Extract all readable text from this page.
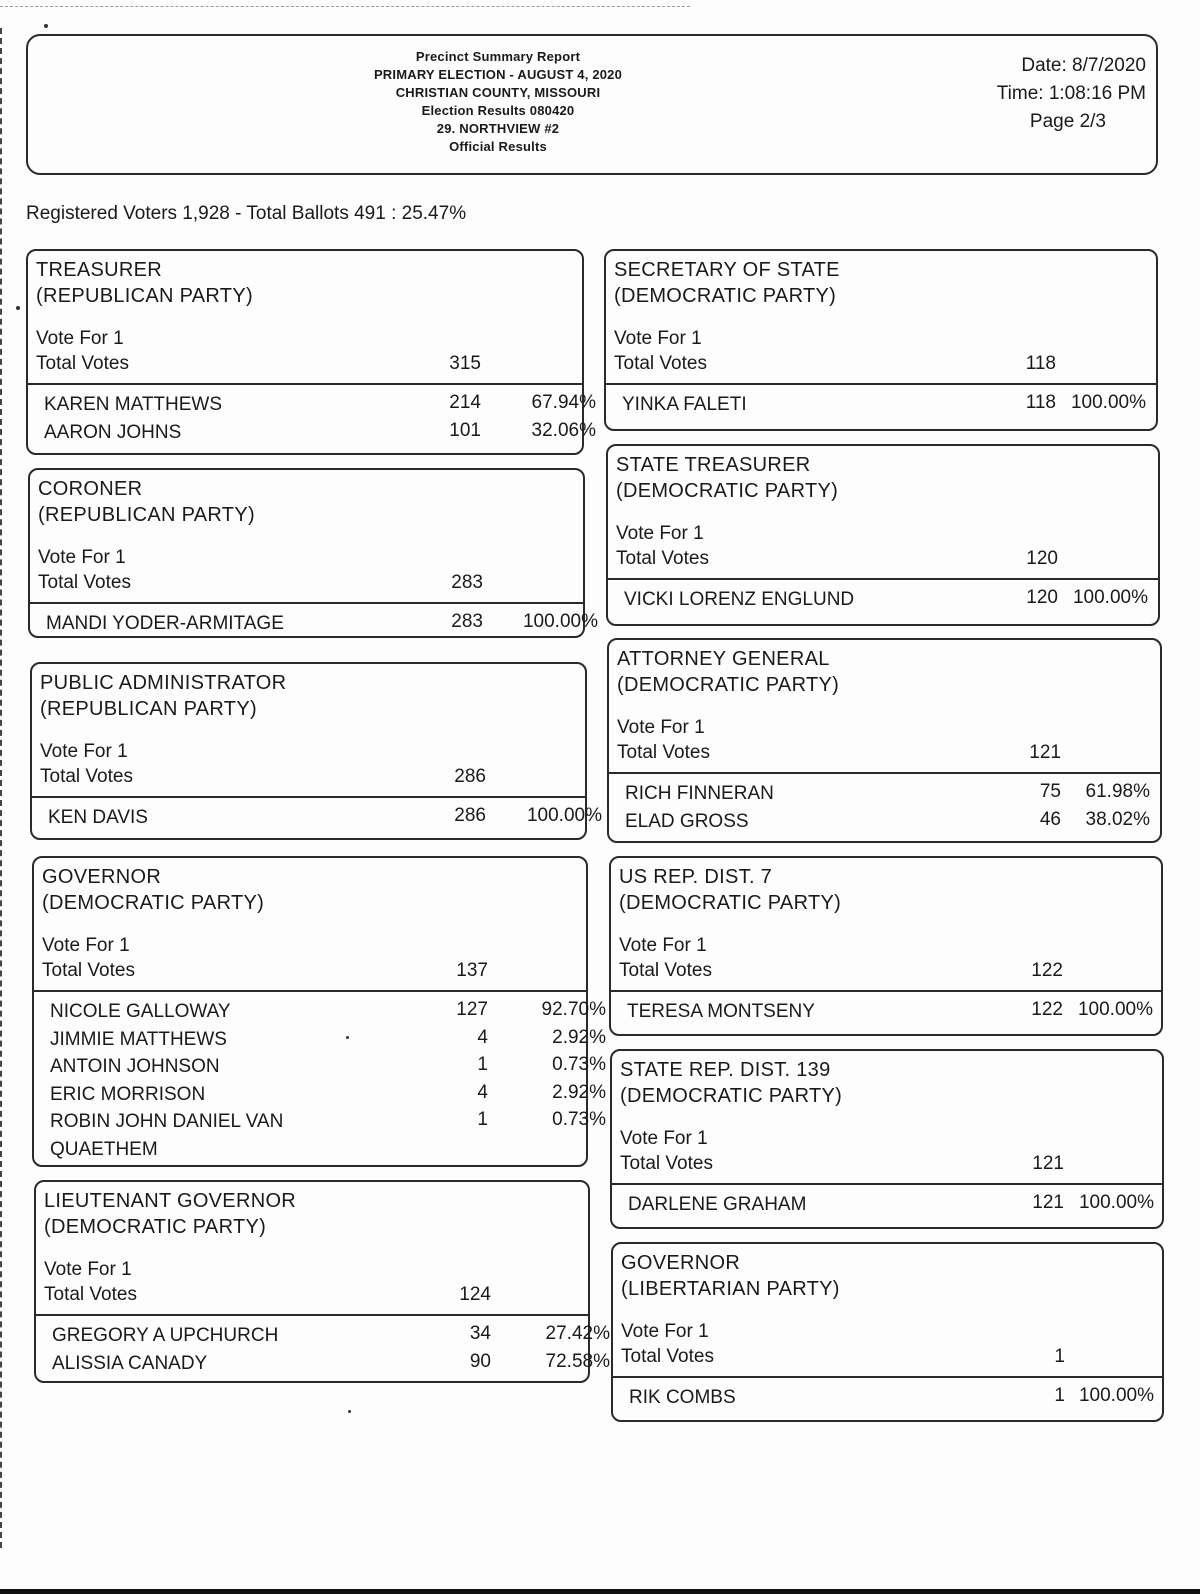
Precinct Summary Report
PRIMARY ELECTION - AUGUST 4, 2020
CHRISTIAN COUNTY, MISSOURI
Election Results 080420
29. NORTHVIEW #2
Official Results
Date: 8/7/2020
Time: 1:08:16 PM
Page 2/3
Registered Voters 1,928 - Total Ballots 491 : 25.47%
TREASURER
(REPUBLICAN PARTY)
Vote For 1
Total Votes	315
KAREN MATTHEWS	214	67.94%
AARON JOHNS	101	32.06%
CORONER
(REPUBLICAN PARTY)
Vote For 1
Total Votes	283
MANDI YODER-ARMITAGE	283	100.00%
PUBLIC ADMINISTRATOR
(REPUBLICAN PARTY)
Vote For 1
Total Votes	286
KEN DAVIS	286	100.00%
GOVERNOR
(DEMOCRATIC PARTY)
Vote For 1
Total Votes	137
NICOLE GALLOWAY	127	92.70%
JIMMIE MATTHEWS	4	2.92%
ANTOIN JOHNSON	1	0.73%
ERIC MORRISON	4	2.92%
ROBIN JOHN DANIEL VAN	1	0.73%
QUAETHEM
LIEUTENANT GOVERNOR
(DEMOCRATIC PARTY)
Vote For 1
Total Votes	124
GREGORY A UPCHURCH	34	27.42%
ALISSIA CANADY	90	72.58%
SECRETARY OF STATE
(DEMOCRATIC PARTY)
Vote For 1
Total Votes	118
YINKA FALETI	118 100.00%
STATE TREASURER
(DEMOCRATIC PARTY)
Vote For 1
Total Votes	120
VICKI LORENZ ENGLUND	120 100.00%
ATTORNEY GENERAL
(DEMOCRATIC PARTY)
Vote For 1
Total Votes	121
RICH FINNERAN	75	61.98%
ELAD GROSS	46	38.02%
US REP. DIST. 7
(DEMOCRATIC PARTY)
Vote For 1
Total Votes	122
TERESA MONTSENY	122 100.00%
STATE REP. DIST. 139
(DEMOCRATIC PARTY)
Vote For 1
Total Votes	121
DARLENE GRAHAM	121 100.00%
GOVERNOR
(LIBERTARIAN PARTY)
Vote For 1
Total Votes	1
RIK COMBS	1 100.00%
